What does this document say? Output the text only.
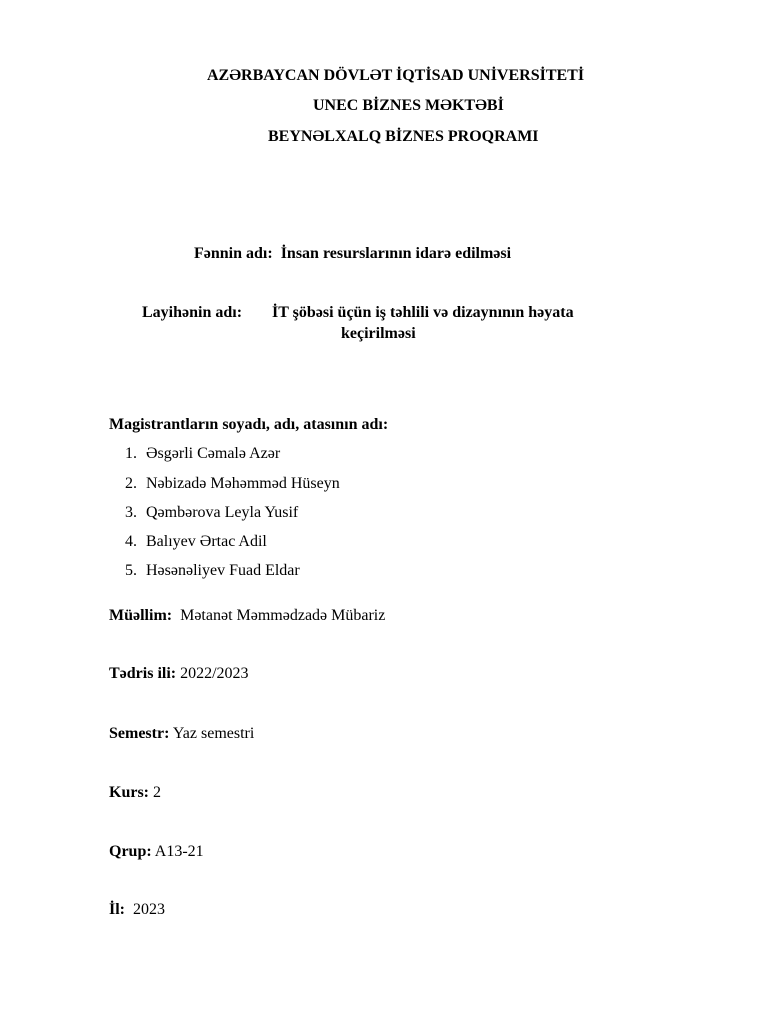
AZƏRBAYCAN DÖVLƏT İQTİSAD UNİVERSİTETİ
UNEC BİZNES MƏKTƏBİ
BEYNƏLXALQ BİZNES PROQRAMI
Fənnin adı: İnsan resurslarının idarə edilməsi
Layihənin adı: İT şöbəsi üçün iş təhlili və dizaynının həyata
keçirilməsi
Magistrantların soyadı, adı, atasının adı:
1. Əsgərli Cəmalə Azər
2. Nəbizadə Məhəmməd Hüseyn
3. Qəmbərova Leyla Yusif
4. Balıyev Ərtac Adil
5. Həsənəliyev Fuad Eldar
Müəllim: Mətanət Məmmədzadə Mübariz
Tədris ili: 2022/2023
Semestr: Yaz semestri
Kurs: 2
Qrup: A13-21
İl: 2023
